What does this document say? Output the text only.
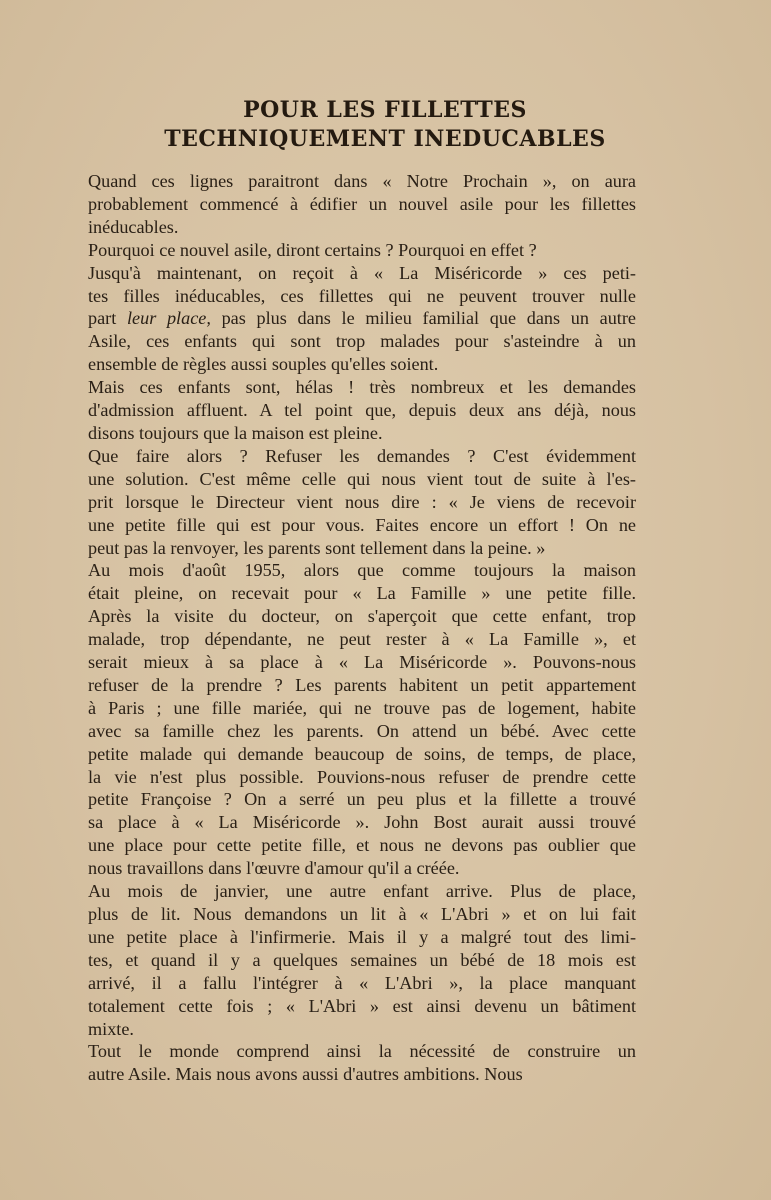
POUR LES FILLETTES
TECHNIQUEMENT INEDUCABLES

Quand ces lignes paraitront dans « Notre Prochain », on aura
probablement commencé à édifier un nouvel asile pour les fillettes
inéducables.

Pourquoi ce nouvel asile, diront certains ? Pourquoi en effet ?

Jusqu'à maintenant, on reçoit à « La Miséricorde » ces peti-
tes filles inéducables, ces fillettes qui ne peuvent trouver nulle
part leur place, pas plus dans le milieu familial que dans un autre
Asile, ces enfants qui sont trop malades pour s'asteindre à un
ensemble de règles aussi souples qu'elles soient.

Mais ces enfants sont, hélas ! très nombreux et les demandes
d'admission affluent. A tel point que, depuis deux ans déjà, nous
disons toujours que la maison est pleine.

Que faire alors ? Refuser les demandes ? C'est évidemment
une solution. C'est même celle qui nous vient tout de suite à l'es-
prit lorsque le Directeur vient nous dire : « Je viens de recevoir
une petite fille qui est pour vous. Faites encore un effort ! On ne
peut pas la renvoyer, les parents sont tellement dans la peine. »

Au mois d'août 1955, alors que comme toujours la maison
était pleine, on recevait pour « La Famille » une petite fille.
Après la visite du docteur, on s'aperçoit que cette enfant, trop
malade, trop dépendante, ne peut rester à « La Famille », et
serait mieux à sa place à « La Miséricorde ». Pouvons-nous
refuser de la prendre ? Les parents habitent un petit appartement
à Paris ; une fille mariée, qui ne trouve pas de logement, habite
avec sa famille chez les parents. On attend un bébé. Avec cette
petite malade qui demande beaucoup de soins, de temps, de place,
la vie n'est plus possible. Pouvions-nous refuser de prendre cette
petite Françoise ? On a serré un peu plus et la fillette a trouvé
sa place à « La Miséricorde ». John Bost aurait aussi trouvé
une place pour cette petite fille, et nous ne devons pas oublier que
nous travaillons dans l'œuvre d'amour qu'il a créée.

Au mois de janvier, une autre enfant arrive. Plus de place,
plus de lit. Nous demandons un lit à « L'Abri » et on lui fait
une petite place à l'infirmerie. Mais il y a malgré tout des limi-
tes, et quand il y a quelques semaines un bébé de 18 mois est
arrivé, il a fallu l'intégrer à « L'Abri », la place manquant
totalement cette fois ; « L'Abri » est ainsi devenu un bâtiment
mixte.

Tout le monde comprend ainsi la nécessité de construire un
autre Asile. Mais nous avons aussi d'autres ambitions. Nous
